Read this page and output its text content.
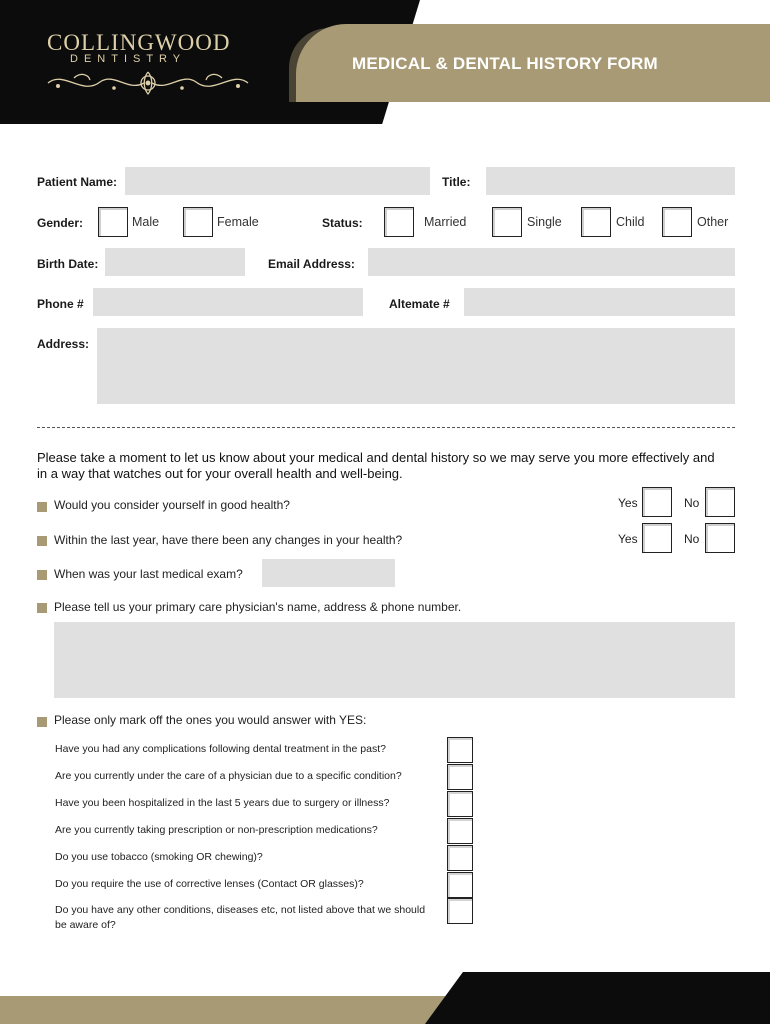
MEDICAL & DENTAL HISTORY FORM
COLLINGWOOD
DENTISTRY
Patient Name:	Title:
Gender:	Male	Female	Status:	Married	Single	Child	Other
Birth Date:	Email Address:
Phone #	Altemate #
Address:
Please take a moment to let us know about your medical and dental history so we may serve you more effectively and in a way that watches out for your overall health and well-being.
Would you consider yourself in good health?	Yes	No
Within the last year, have there been any changes in your health?	Yes	No
When was your last medical exam?
Please tell us your primary care physician's name, address & phone number.
Please only mark off the ones you would answer with YES:
Have you had any complications following dental treatment in the past?
Are you currently under the care of a physician due to a specific condition?
Have you been hospitalized in the last 5 years due to surgery or illness?
Are you currently taking prescription or non-prescription medications?
Do you use tobacco (smoking OR chewing)?
Do you require the use of corrective lenses (Contact OR glasses)?
Do you have any other conditions, diseases etc, not listed above that we should be aware of?
